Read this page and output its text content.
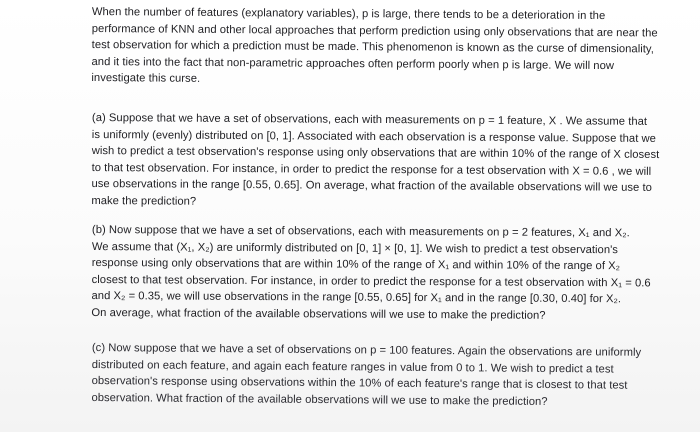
When the number of features (explanatory variables), p is large, there tends to be a deterioration in the
performance of KNN and other local approaches that perform prediction using only observations that are near the
test observation for which a prediction must be made. This phenomenon is known as the curse of dimensionality,
and it ties into the fact that non-parametric approaches often perform poorly when p is large. We will now
investigate this curse.
(a) Suppose that we have a set of observations, each with measurements on p = 1 feature, X . We assume that
is uniformly (evenly) distributed on [0, 1]. Associated with each observation is a response value. Suppose that we
wish to predict a test observation's response using only observations that are within 10% of the range of X closest
to that test observation. For instance, in order to predict the response for a test observation with X = 0.6 , we will
use observations in the range [0.55, 0.65]. On average, what fraction of the available observations will we use to
make the prediction?
(b) Now suppose that we have a set of observations, each with measurements on p = 2 features, X₁ and X₂.
We assume that (X₁, X₂) are uniformly distributed on [0, 1] × [0, 1]. We wish to predict a test observation's
response using only observations that are within 10% of the range of X₁ and within 10% of the range of X₂
closest to that test observation. For instance, in order to predict the response for a test observation with X₁ = 0.6
and X₂ = 0.35, we will use observations in the range [0.55, 0.65] for X₁ and in the range [0.30, 0.40] for X₂.
On average, what fraction of the available observations will we use to make the prediction?
(c) Now suppose that we have a set of observations on p = 100 features. Again the observations are uniformly
distributed on each feature, and again each feature ranges in value from 0 to 1. We wish to predict a test
observation's response using observations within the 10% of each feature's range that is closest to that test
observation. What fraction of the available observations will we use to make the prediction?
